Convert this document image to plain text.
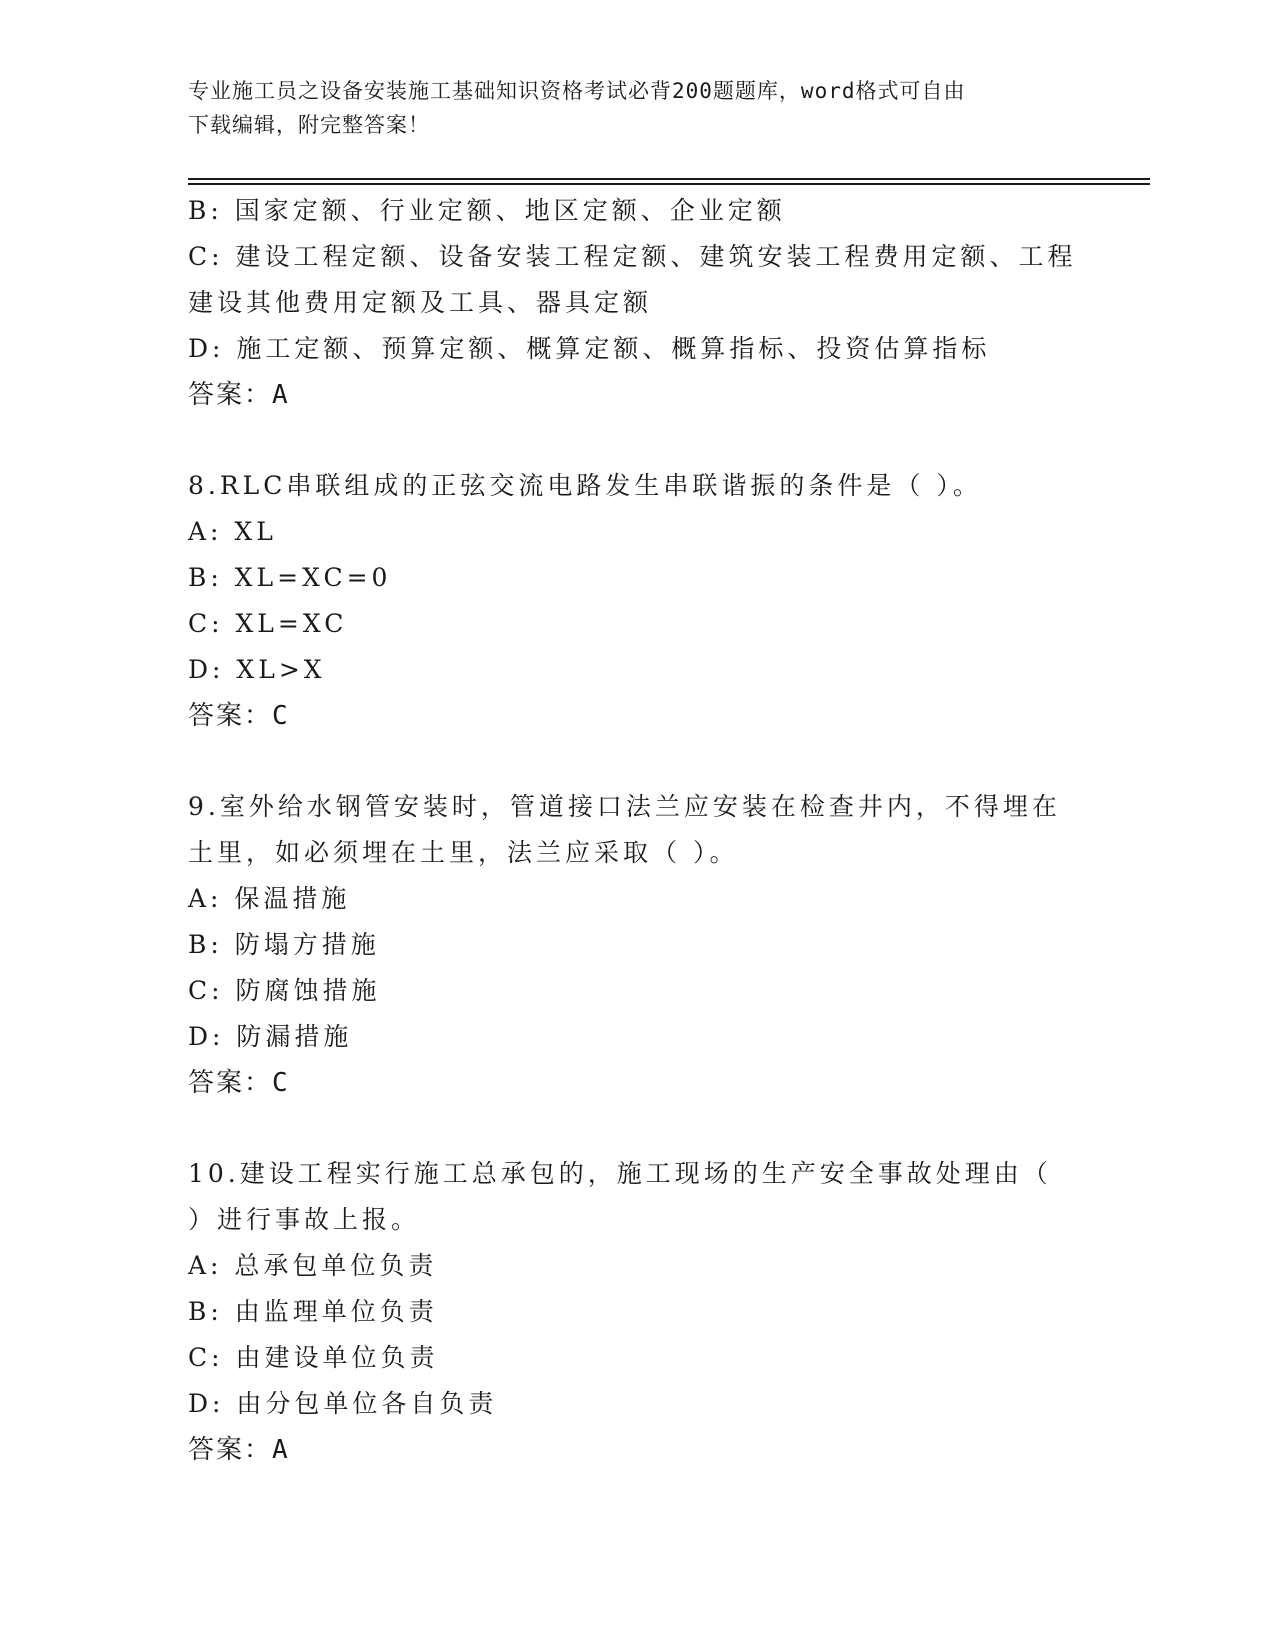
专业施工员之设备安装施工基础知识资格考试必背200题题库，word格式可自由
下载编辑，附完整答案！
B: 国家定额、行业定额、地区定额、企业定额
C: 建设工程定额、设备安装工程定额、建筑安装工程费用定额、工程
建设其他费用定额及工具、器具定额
D: 施工定额、预算定额、概算定额、概算指标、投资估算指标
答案：A
8.RLC串联组成的正弦交流电路发生串联谐振的条件是（ ）。
A: XL
B: XL=XC=0
C: XL=XC
D: XL>X
答案：C
9.室外给水钢管安装时，管道接口法兰应安装在检查井内，不得埋在
土里，如必须埋在土里，法兰应采取（ ）。
A: 保温措施
B: 防塌方措施
C: 防腐蚀措施
D: 防漏措施
答案：C
10.建设工程实行施工总承包的，施工现场的生产安全事故处理由（
）进行事故上报。
A: 总承包单位负责
B: 由监理单位负责
C: 由建设单位负责
D: 由分包单位各自负责
答案：A
